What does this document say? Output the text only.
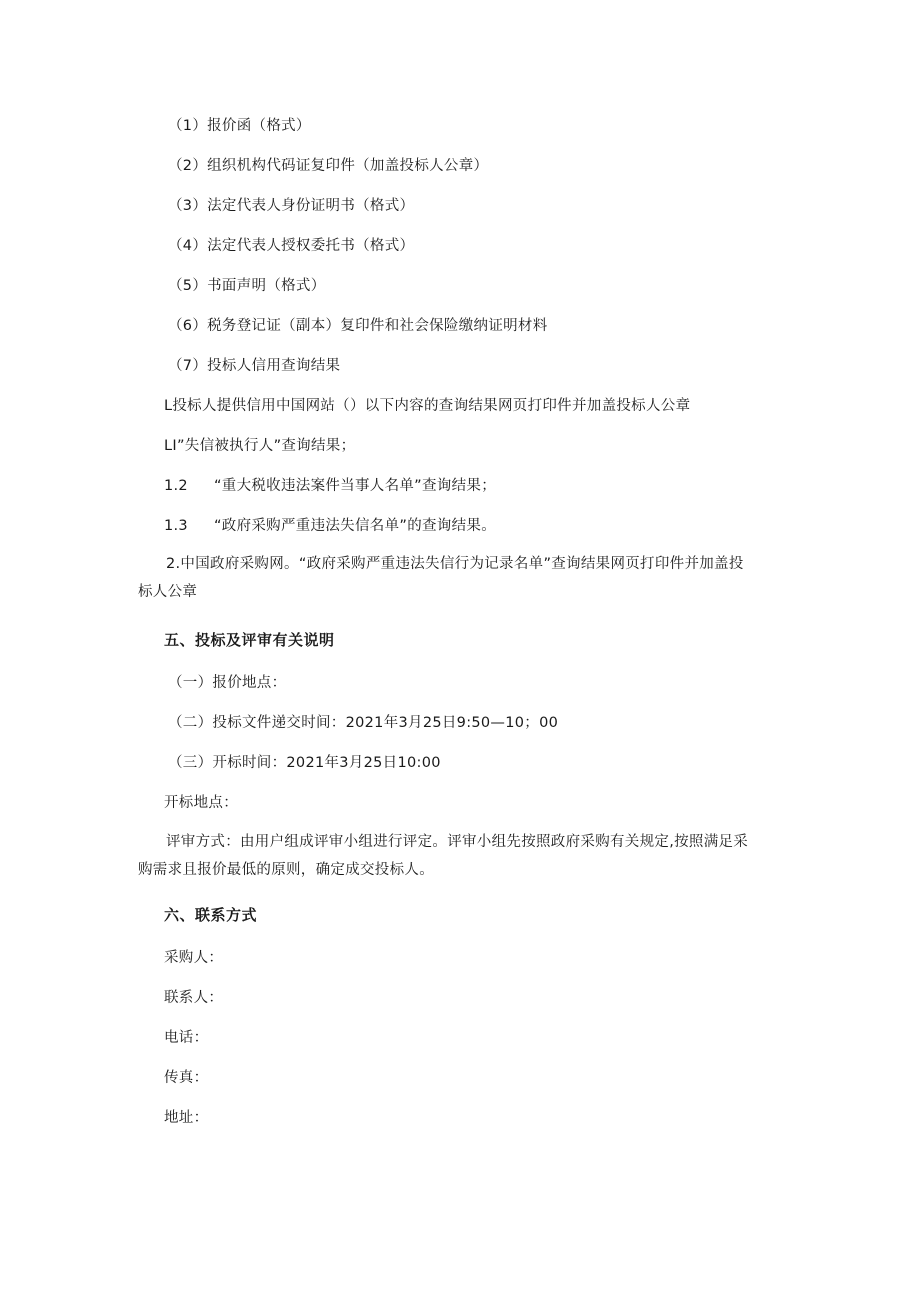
（1）报价函（格式）
（2）组织机构代码证复印件（加盖投标人公章）
（3）法定代表人身份证明书（格式）
（4）法定代表人授权委托书（格式）
（5）书面声明（格式）
（6）税务登记证（副本）复印件和社会保险缴纳证明材料
（7）投标人信用查询结果
L投标人提供信用中国网站（）以下内容的查询结果网页打印件并加盖投标人公章
LI”失信被执行人”查询结果；
1.2 “重大税收违法案件当事人名单”查询结果；
1.3 “政府采购严重违法失信名单”的查询结果。
2.中国政府采购网。“政府采购严重违法失信行为记录名单”查询结果网页打印件并加盖投
标人公章
五、投标及评审有关说明
（一）报价地点：
（二）投标文件递交时间：2021年3月25日9:50—10；00
（三）开标时间：2021年3月25日10:00
开标地点：
评审方式：由用户组成评审小组进行评定。评审小组先按照政府采购有关规定,按照满足采
购需求且报价最低的原则，确定成交投标人。
六、联系方式
采购人：
联系人：
电话：
传真：
地址：
